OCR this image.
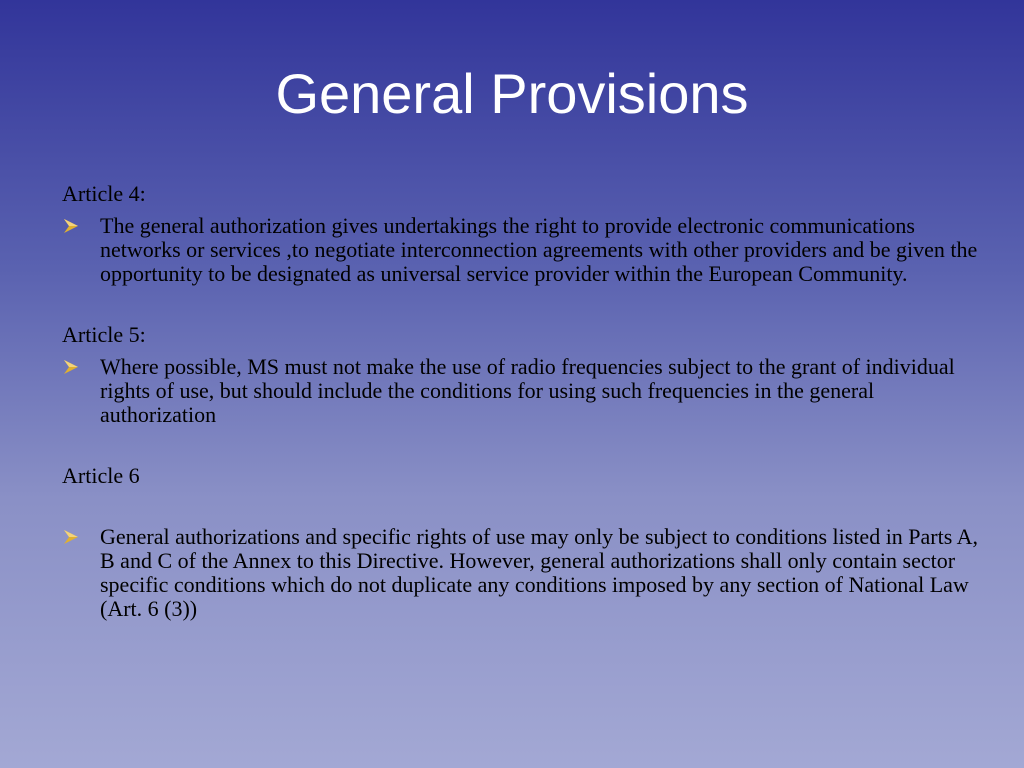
General Provisions
Article 4:
The general authorization gives undertakings the right to provide electronic communications networks or services ,to negotiate interconnection agreements with other providers and be given the opportunity to be designated as universal service provider within the European Community.
Article 5:
Where possible, MS must not make the use of radio frequencies subject to the grant of individual rights of use, but should include the conditions for using such frequencies in the general authorization
Article 6
General authorizations and specific rights of use may only be subject to conditions listed in Parts A, B and C of the Annex to this Directive. However, general authorizations shall only contain sector specific conditions which do not duplicate any conditions imposed by any section of National Law (Art. 6 (3))
